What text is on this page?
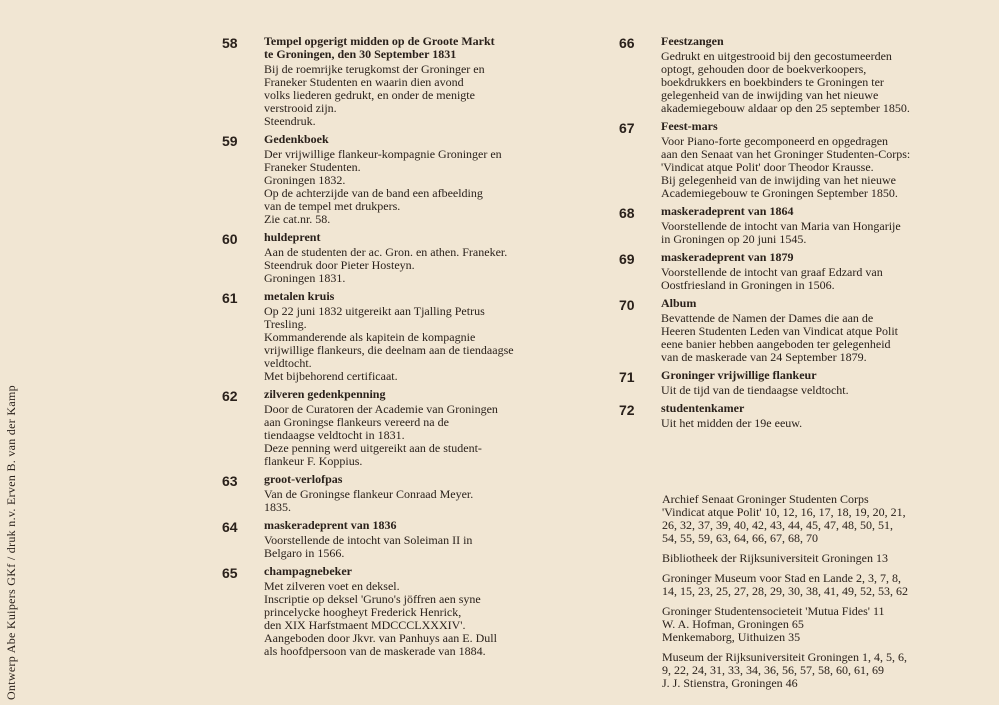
Ontwerp Abe Kuipers GKf / druk n.v. Erven B. van der Kamp
58	Tempel opgerigt midden op de Groote Markt
te Groningen, den 30 September 1831
Bij de roemrijke terugkomst der Groninger en
Franeker Studenten en waarin dien avond
volks liederen gedrukt, en onder de menigte
verstrooid zijn.
Steendruk.
59	Gedenkboek
Der vrijwillige flankeur-kompagnie Groninger en
Franeker Studenten.
Groningen 1832.
Op de achterzijde van de band een afbeelding
van de tempel met drukpers.
Zie cat.nr. 58.
60	huldeprent
Aan de studenten der ac. Gron. en athen. Franeker.
Steendruk door Pieter Hosteyn.
Groningen 1831.
61	metalen kruis
Op 22 juni 1832 uitgereikt aan Tjalling Petrus
Tresling.
Kommanderende als kapitein de kompagnie
vrijwillige flankeurs, die deelnam aan de tiendaagse
veldtocht.
Met bijbehorend certificaat.
62	zilveren gedenkpenning
Door de Curatoren der Academie van Groningen
aan Groningse flankeurs vereerd na de
tiendaagse veldtocht in 1831.
Deze penning werd uitgereikt aan de student-
flankeur F. Koppius.
63	groot-verlofpas
Van de Groningse flankeur Conraad Meyer.
1835.
64	maskeradeprent van 1836
Voorstellende de intocht van Soleiman II in
Belgaro in 1566.
65	champagnebeker
Met zilveren voet en deksel.
Inscriptie op deksel 'Gruno's jöffren aen syne
princelycke hoogheyt Frederick Henrick,
den XIX Harfstmaent MDCCCLXXXIV'.
Aangeboden door Jkvr. van Panhuys aan E. Dull
als hoofdpersoon van de maskerade van 1884.
66	Feestzangen
Gedrukt en uitgestrooid bij den gecostumeerden
optogt, gehouden door de boekverkoopers,
boekdrukkers en boekbinders te Groningen ter
gelegenheid van de inwijding van het nieuwe
akademiegebouw aldaar op den 25 september 1850.
67	Feest-mars
Voor Piano-forte gecomponeerd en opgedragen
aan den Senaat van het Groninger Studenten-Corps:
'Vindicat atque Polit' door Theodor Krausse.
Bij gelegenheid van de inwijding van het nieuwe
Academiegebouw te Groningen September 1850.
68	maskeradeprent van 1864
Voorstellende de intocht van Maria van Hongarije
in Groningen op 20 juni 1545.
69	maskeradeprent van 1879
Voorstellende de intocht van graaf Edzard van
Oostfriesland in Groningen in 1506.
70	Album
Bevattende de Namen der Dames die aan de
Heeren Studenten Leden van Vindicat atque Polit
eene banier hebben aangeboden ter gelegenheid
van de maskerade van 24 September 1879.
71	Groninger vrijwillige flankeur
Uit de tijd van de tiendaagse veldtocht.
72	studentenkamer
Uit het midden der 19e eeuw.
Archief Senaat Groninger Studenten Corps
'Vindicat atque Polit' 10, 12, 16, 17, 18, 19, 20, 21,
26, 32, 37, 39, 40, 42, 43, 44, 45, 47, 48, 50, 51,
54, 55, 59, 63, 64, 66, 67, 68, 70
Bibliotheek der Rijksuniversiteit Groningen 13
Groninger Museum voor Stad en Lande 2, 3, 7, 8,
14, 15, 23, 25, 27, 28, 29, 30, 38, 41, 49, 52, 53, 62
Groninger Studentensocieteit 'Mutua Fides' 11
W. A. Hofman, Groningen 65
Menkemaborg, Uithuizen 35
Museum der Rijksuniversiteit Groningen 1, 4, 5, 6,
9, 22, 24, 31, 33, 34, 36, 56, 57, 58, 60, 61, 69
J. J. Stienstra, Groningen 46
